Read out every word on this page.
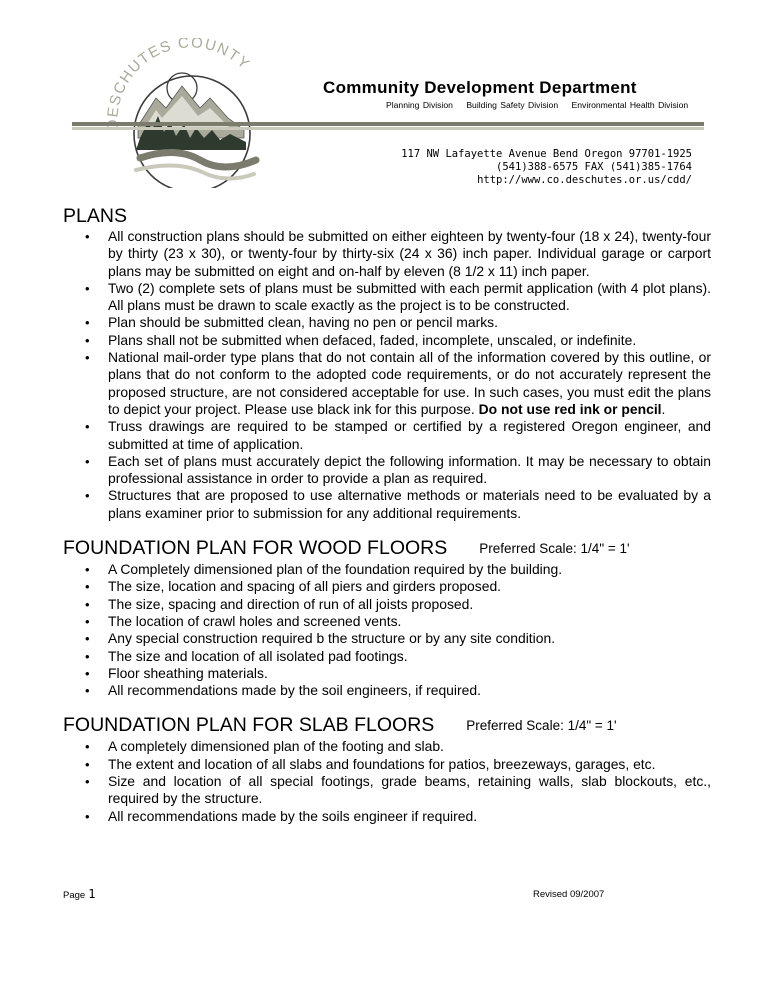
ESCHUTES COUNTY
Community Development Department
Planning Division Building Safety Division Environmental Health Division
117 NW Lafayette Avenue Bend Oregon 97701-1925
(541)388-6575 FAX (541)385-1764
http://www.co.deschutes.or.us/cdd/
PLANS
• All construction plans should be submitted on either eighteen by twenty-four (18 x 24), twenty-four by thirty (23 x 30), or twenty-four by thirty-six (24 x 36) inch paper. Individual garage or carport plans may be submitted on eight and on-half by eleven (8 1/2 x 11) inch paper.
• Two (2) complete sets of plans must be submitted with each permit application (with 4 plot plans). All plans must be drawn to scale exactly as the project is to be constructed.
• Plan should be submitted clean, having no pen or pencil marks.
• Plans shall not be submitted when defaced, faded, incomplete, unscaled, or indefinite.
• National mail-order type plans that do not contain all of the information covered by this outline, or plans that do not conform to the adopted code requirements, or do not accurately represent the proposed structure, are not considered acceptable for use. In such cases, you must edit the plans to depict your project. Please use black ink for this purpose. Do not use red ink or pencil.
• Truss drawings are required to be stamped or certified by a registered Oregon engineer, and submitted at time of application.
• Each set of plans must accurately depict the following information. It may be necessary to obtain professional assistance in order to provide a plan as required.
• Structures that are proposed to use alternative methods or materials need to be evaluated by a plans examiner prior to submission for any additional requirements.
FOUNDATION PLAN FOR WOOD FLOORS Preferred Scale: 1/4" = 1'
• A Completely dimensioned plan of the foundation required by the building.
• The size, location and spacing of all piers and girders proposed.
• The size, spacing and direction of run of all joists proposed.
• The location of crawl holes and screened vents.
• Any special construction required b the structure or by any site condition.
• The size and location of all isolated pad footings.
• Floor sheathing materials.
• All recommendations made by the soil engineers, if required.
FOUNDATION PLAN FOR SLAB FLOORS Preferred Scale: 1/4" = 1'
• A completely dimensioned plan of the footing and slab.
• The extent and location of all slabs and foundations for patios, breezeways, garages, etc.
• Size and location of all special footings, grade beams, retaining walls, slab blockouts, etc., required by the structure.
• All recommendations made by the soils engineer if required.
Page 1	Revised 09/2007
